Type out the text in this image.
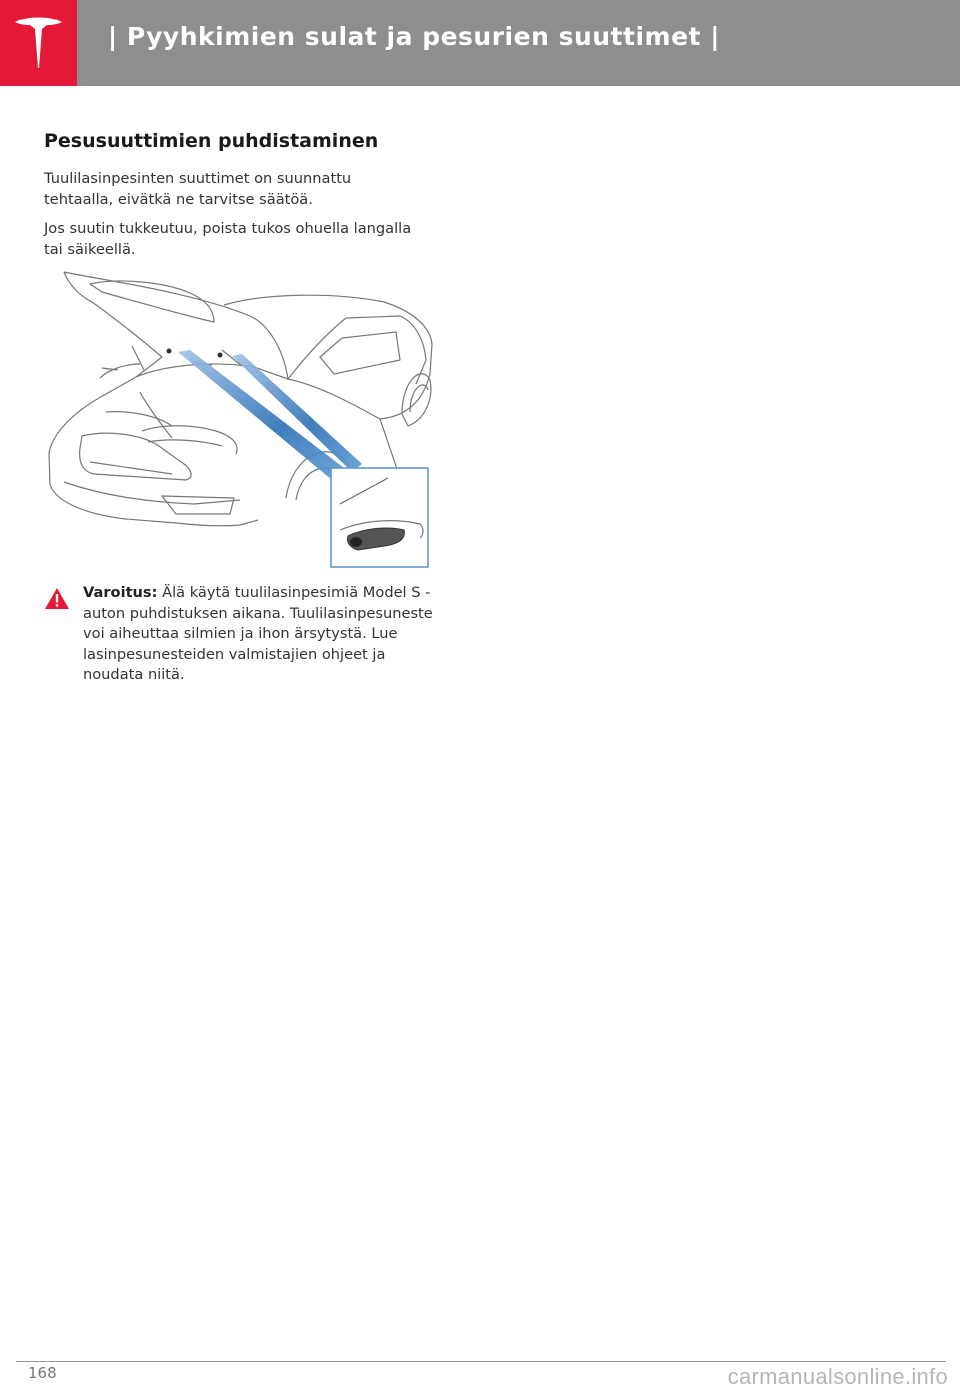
| Pyyhkimien sulat ja pesurien suuttimet |
Pesusuuttimien puhdistaminen
Tuulilasinpesinten suuttimet on suunnattu tehtaalla, eivätkä ne tarvitse säätöä.
Jos suutin tukkeutuu, poista tukos ohuella langalla tai säikeellä.
Varoitus: Älä käytä tuulilasinpesimiä Model S -auton puhdistuksen aikana. Tuulilasinpesuneste voi aiheuttaa silmien ja ihon ärsytystä. Lue lasinpesunesteiden valmistajien ohjeet ja noudata niitä.
168	carmanualsonline.info
